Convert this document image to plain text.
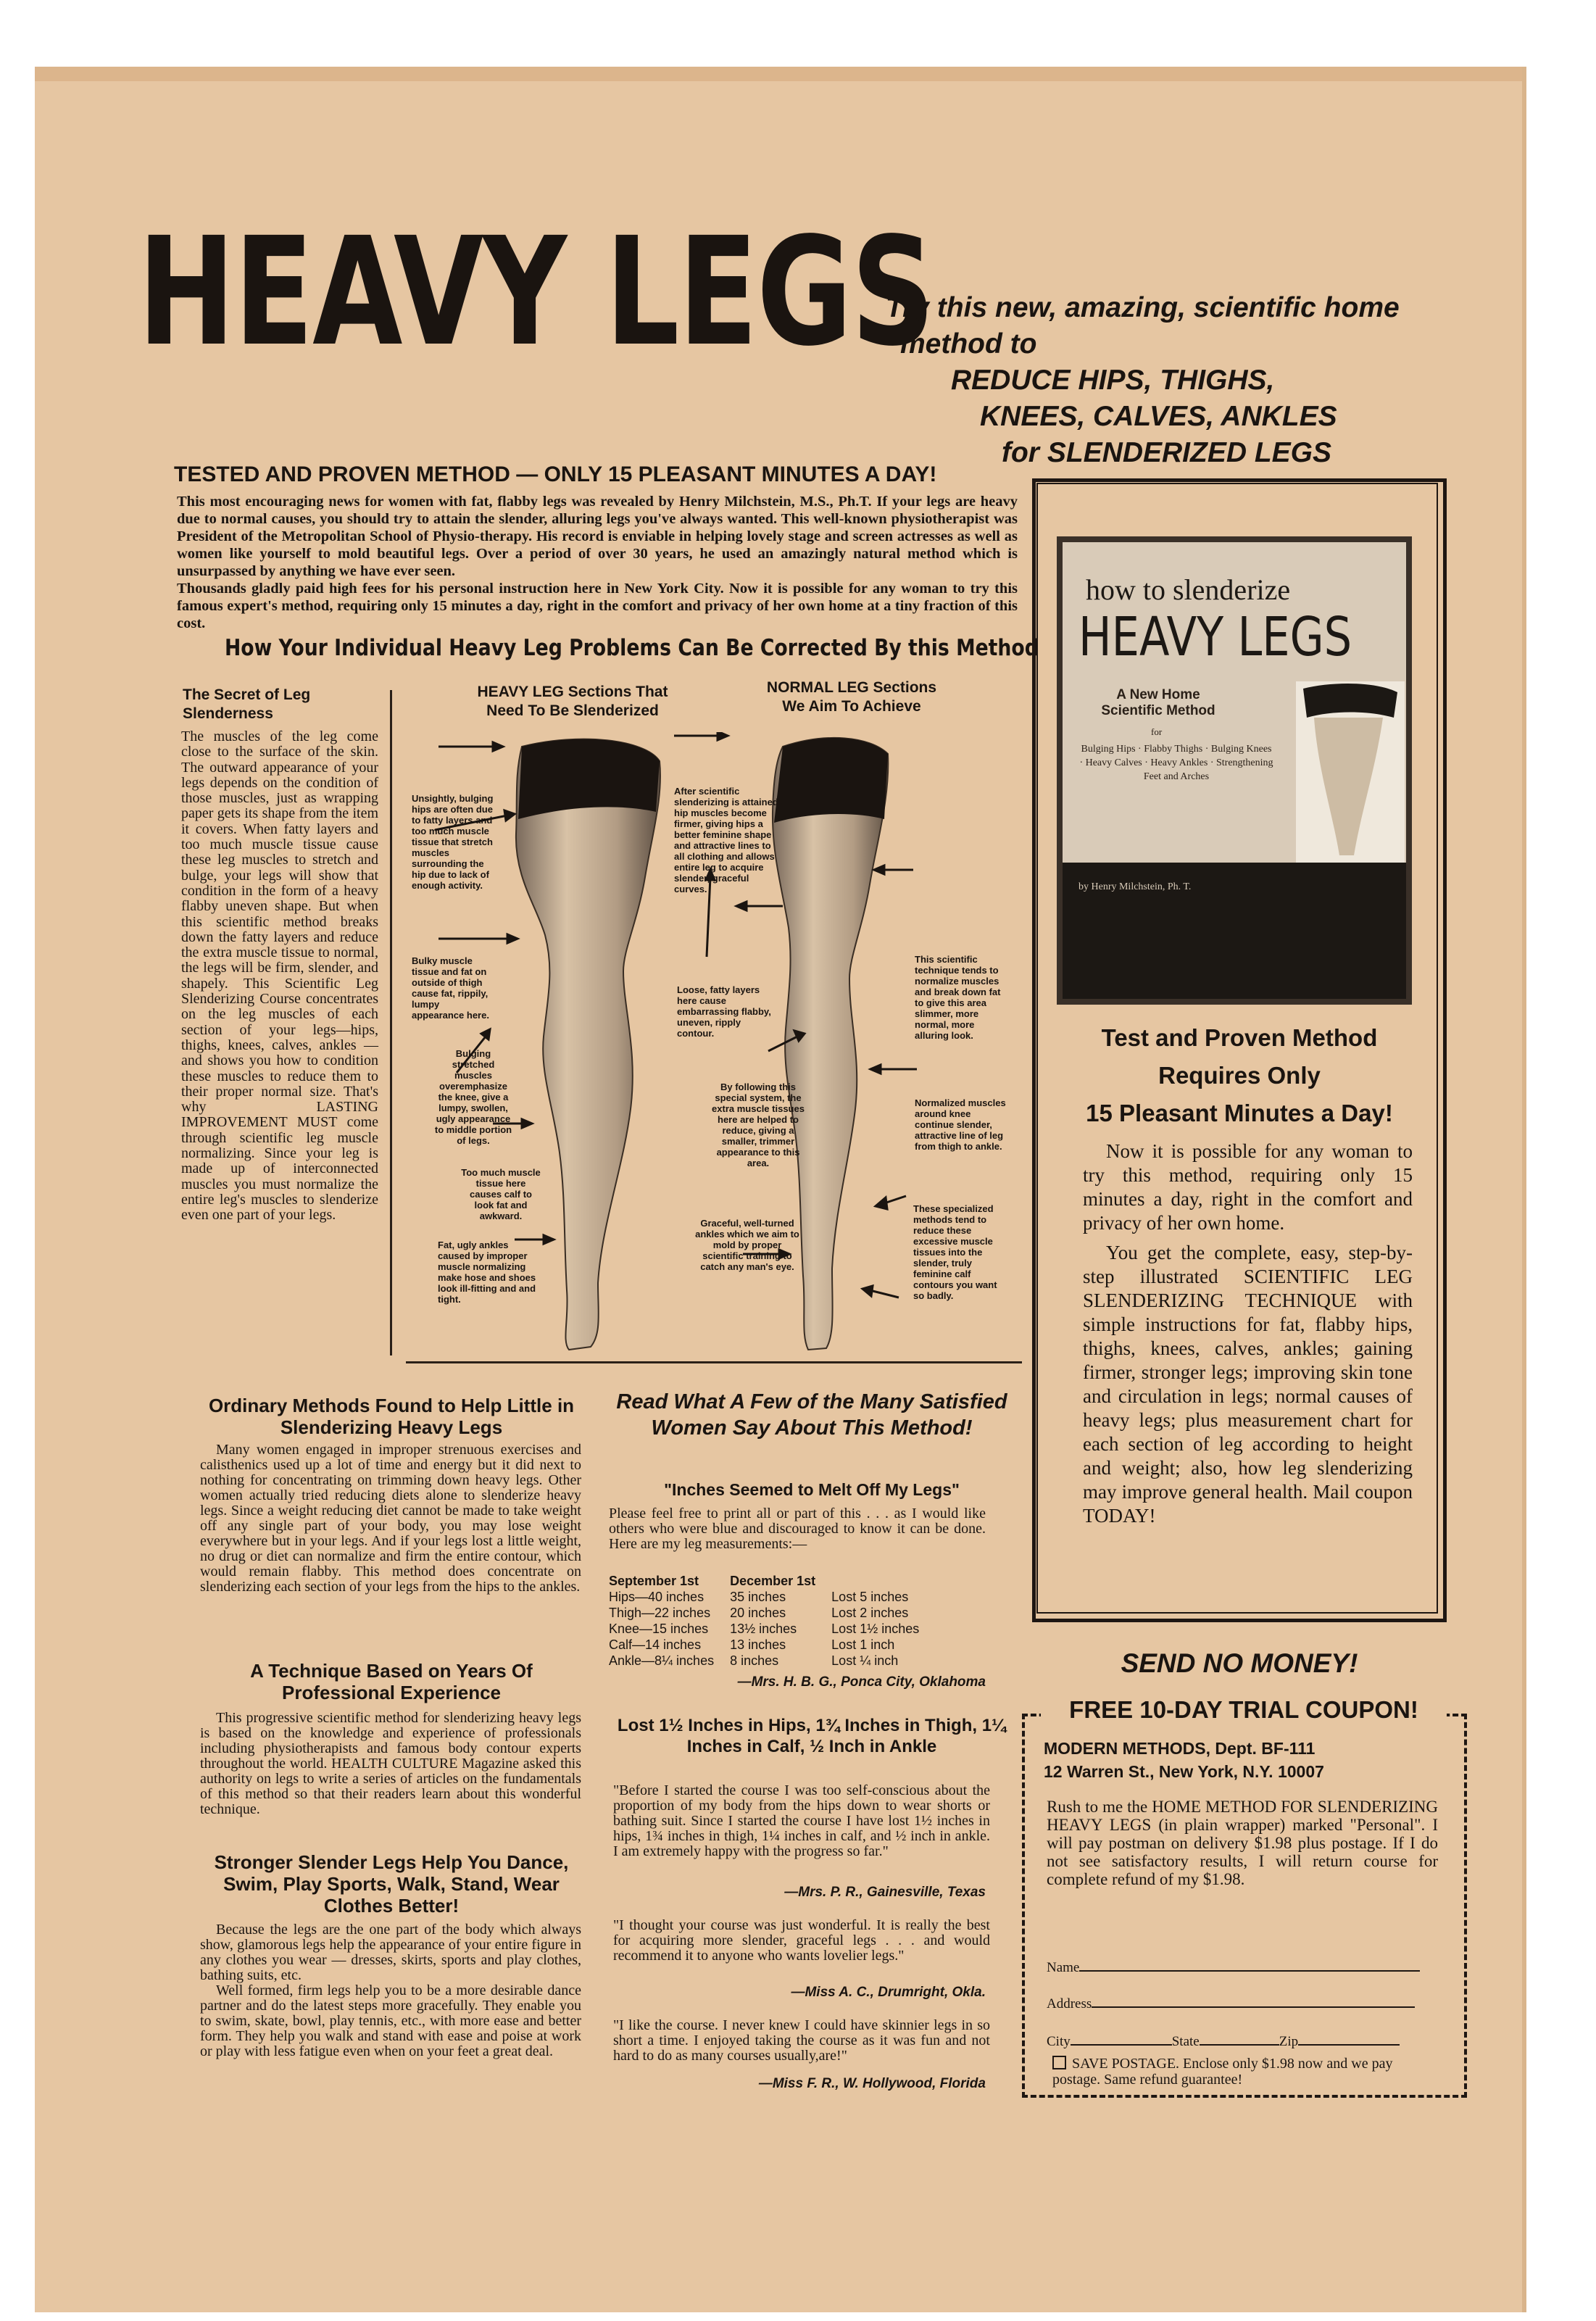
HEAVY LEGS
Try this new, amazing, scientific home
method to
REDUCE HIPS, THIGHS,
KNEES, CALVES, ANKLES
for SLENDERIZED LEGS
TESTED AND PROVEN METHOD — ONLY 15 PLEASANT MINUTES A DAY!

This most encouraging news for women with fat, flabby legs was revealed by Henry Milchstein, M.S., Ph.T. If your legs are heavy due to normal causes, you should try to attain the slender, alluring legs you've always wanted. This well-known physiotherapist was President of the Metropolitan School of Physio-therapy. His record is enviable in helping lovely stage and screen actresses as well as women like yourself to mold beautiful legs. Over a period of over 30 years, he used an amazingly natural method which is unsurpassed by anything we have ever seen.

Thousands gladly paid high fees for his personal instruction here in New York City. Now it is possible for any woman to try this famous expert's method, requiring only 15 minutes a day, right in the comfort and privacy of her own home at a tiny fraction of this cost.

How Your Individual Heavy Leg Problems Can Be Corrected By this Method
The Secret of Leg Slenderness
The muscles of the leg come close to the surface of the skin. The outward appearance of your legs depends on the condition of those muscles, just as wrapping paper gets its shape from the item it covers. When fatty layers and too much muscle tissue cause these leg muscles to stretch and bulge, your legs will show that condition in the form of a heavy flabby uneven shape. But when this scientific method breaks down the fatty layers and reduce the extra muscle tissue to normal, the legs will be firm, slender, and shapely. This Scientific Leg Slenderizing Course concentrates on the leg muscles of each section of your legs—hips, thighs, knees, calves, ankles — and shows you how to condition these muscles to reduce them to their proper normal size. That's why LASTING IMPROVEMENT MUST come through scientific leg muscle normalizing. Since your leg is made up of interconnected muscles you must normalize the entire leg's muscles to slenderize even one part of your legs.
HEAVY LEG Sections That Need To Be Slenderized
NORMAL LEG Sections We Aim To Achieve
Unsightly, bulging hips are often due to fatty layers and too much muscle tissue that stretch muscles surrounding the hip due to lack of enough activity.
Bulky muscle tissue and fat on outside of thigh cause fat, rippily, lumpy appearance here.
Bulging stretched muscles overemphasize the knee, give a lumpy, swollen, ugly appearance to middle portion of legs.
Too much muscle tissue here causes calf to look fat and awkward.
Fat, ugly ankles caused by improper muscle normalizing make hose and shoes look ill-fitting and and tight.
After scientific slenderizing is attained, hip muscles become firmer, giving hips a better feminine shape and attractive lines to all clothing and allows entire leg to acquire slender, graceful curves.
Loose, fatty layers here cause embarrassing flabby, uneven, ripply contour.
By following this special system, the extra muscle tissues here are helped to reduce, giving a smaller, trimmer appearance to this area.
Graceful, well-turned ankles which we aim to mold by proper scientific training to catch any man's eye.
This scientific technique tends to normalize muscles and break down fat to give this area slimmer, more normal, more alluring look.
Normalized muscles around knee continue slender, attractive line of leg from thigh to ankle.
These specialized methods tend to reduce these excessive muscle tissues into the slender, truly feminine calf contours you want so badly.
how to slenderize
HEAVY LEGS
A New Home Scientific Method
for
Bulging Hips · Flabby Thighs · Bulging Knees · Heavy Calves · Heavy Ankles · Strengthening Feet and Arches
by Henry Milchstein, Ph. T.
Test and Proven Method
Requires Only
15 Pleasant Minutes a Day!

Now it is possible for any woman to try this method, requiring only 15 minutes a day, right in the comfort and privacy of her own home.

You get the complete, easy, step-by-step illustrated SCIENTIFIC LEG SLENDERIZING TECHNIQUE with simple instructions for fat, flabby hips, thighs, knees, calves, ankles; gaining firmer, stronger legs; improving skin tone and circulation in legs; normal causes of heavy legs; plus measurement chart for each section of leg according to height and weight; also, how leg slenderizing may improve general health. Mail coupon TODAY!

Ordinary Methods Found to Help Little in Slenderizing Heavy Legs

Many women engaged in improper strenuous exercises and calisthenics used up a lot of time and energy but it did next to nothing for concentrating on trimming down heavy legs. Other women actually tried reducing diets alone to slenderize heavy legs. Since a weight reducing diet cannot be made to take weight off any single part of your body, you may lose weight everywhere but in your legs. And if your legs lost a little weight, no drug or diet can normalize and firm the entire contour, which would remain flabby. This method does concentrate on slenderizing each section of your legs from the hips to the ankles.

A Technique Based on Years Of Professional Experience

This progressive scientific method for slenderizing heavy legs is based on the knowledge and experience of professionals including physiotherapists and famous body contour experts throughout the world. HEALTH CULTURE Magazine asked this authority on legs to write a series of articles on the fundamentals of this method so that their readers learn about this wonderful technique.

Stronger Slender Legs Help You Dance, Swim, Play Sports, Walk, Stand, Wear Clothes Better!

Because the legs are the one part of the body which always show, glamorous legs help the appearance of your entire figure in any clothes you wear — dresses, skirts, sports and play clothes, bathing suits, etc.

Well formed, firm legs help you to be a more desirable dance partner and do the latest steps more gracefully. They enable you to swim, skate, bowl, play tennis, etc., with more ease and better form. They help you walk and stand with ease and poise at work or play with less fatigue even when on your feet a great deal.

Read What A Few of the Many Satisfied Women Say About This Method!
"Inches Seemed to Melt Off My Legs"
Please feel free to print all or part of this . . . as I would like others who were blue and discouraged to know it can be done. Here are my leg measurements:—
September 1st	December 1st	
Hips—40 inches	35 inches	Lost 5 inches
Thigh—22 inches	20 inches	Lost 2 inches
Knee—15 inches	13½ inches	Lost 1½ inches
Calf—14 inches	13 inches	Lost 1 inch
Ankle—8¼ inches	8 inches	Lost ¼ inch
—Mrs. H. B. G., Ponca City, Oklahoma
Lost 1½ Inches in Hips, 1¾ Inches in Thigh, 1¼ Inches in Calf, ½ Inch in Ankle
"Before I started the course I was too self-conscious about the proportion of my body from the hips down to wear shorts or bathing suit. Since I started the course I have lost 1½ inches in hips, 1¾ inches in thigh, 1¼ inches in calf, and ½ inch in ankle. I am extremely happy with the progress so far."
—Mrs. P. R., Gainesville, Texas
"I thought your course was just wonderful. It is really the best for acquiring more slender, graceful legs . . . and would recommend it to anyone who wants lovelier legs."
—Miss A. C., Drumright, Okla.
"I like the course. I never knew I could have skinnier legs in so short a time. I enjoyed taking the course as it was fun and not hard to do as many courses usually,are!"
—Miss F. R., W. Hollywood, Florida
SEND NO MONEY!
FREE 10-DAY TRIAL COUPON!
MODERN METHODS, Dept. BF-111
12 Warren St., New York, N.Y. 10007
Rush to me the HOME METHOD FOR SLENDERIZING HEAVY LEGS (in plain wrapper) marked "Personal". I will pay postman on delivery $1.98 plus postage. If I do not see satisfactory results, I will return course for complete refund of my $1.98.
Name
Address
City	State	Zip
SAVE POSTAGE. Enclose only $1.98 now and we pay postage. Same refund guarantee!
